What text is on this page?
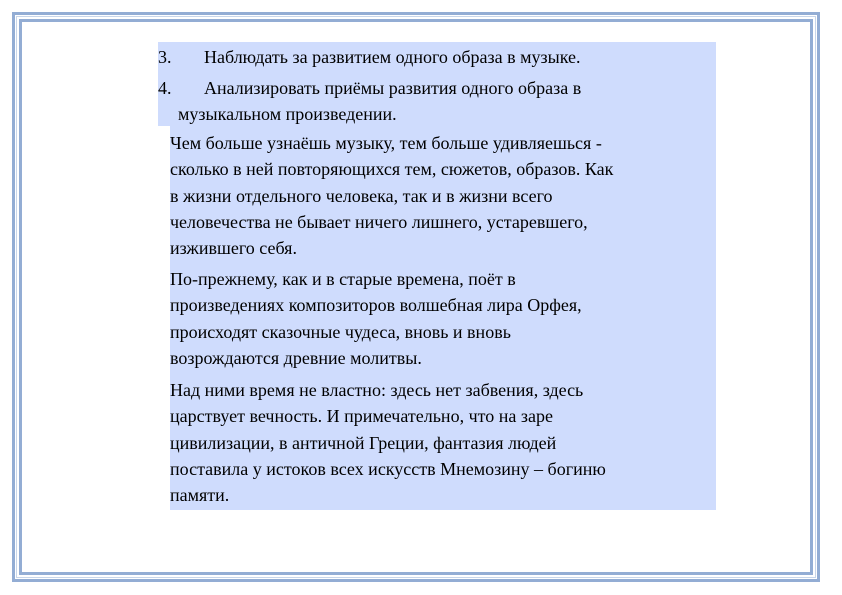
3. Наблюдать за развитием одного образа в музыке.
4. Анализировать приёмы развития одного образа в
музыкальном произведении.
Чем больше узнаёшь музыку, тем больше удивляешься -
сколько в ней повторяющихся тем, сюжетов, образов. Как
в жизни отдельного человека, так и в жизни всего
человечества не бывает ничего лишнего, устаревшего,
изжившего себя.
По-прежнему, как и в старые времена, поёт в
произведениях композиторов волшебная лира Орфея,
происходят сказочные чудеса, вновь и вновь
возрождаются древние молитвы.
Над ними время не властно: здесь нет забвения, здесь
царствует вечность. И примечательно, что на заре
цивилизации, в античной Греции, фантазия людей
поставила у истоков всех искусств Мнемозину – богиню
памяти.
